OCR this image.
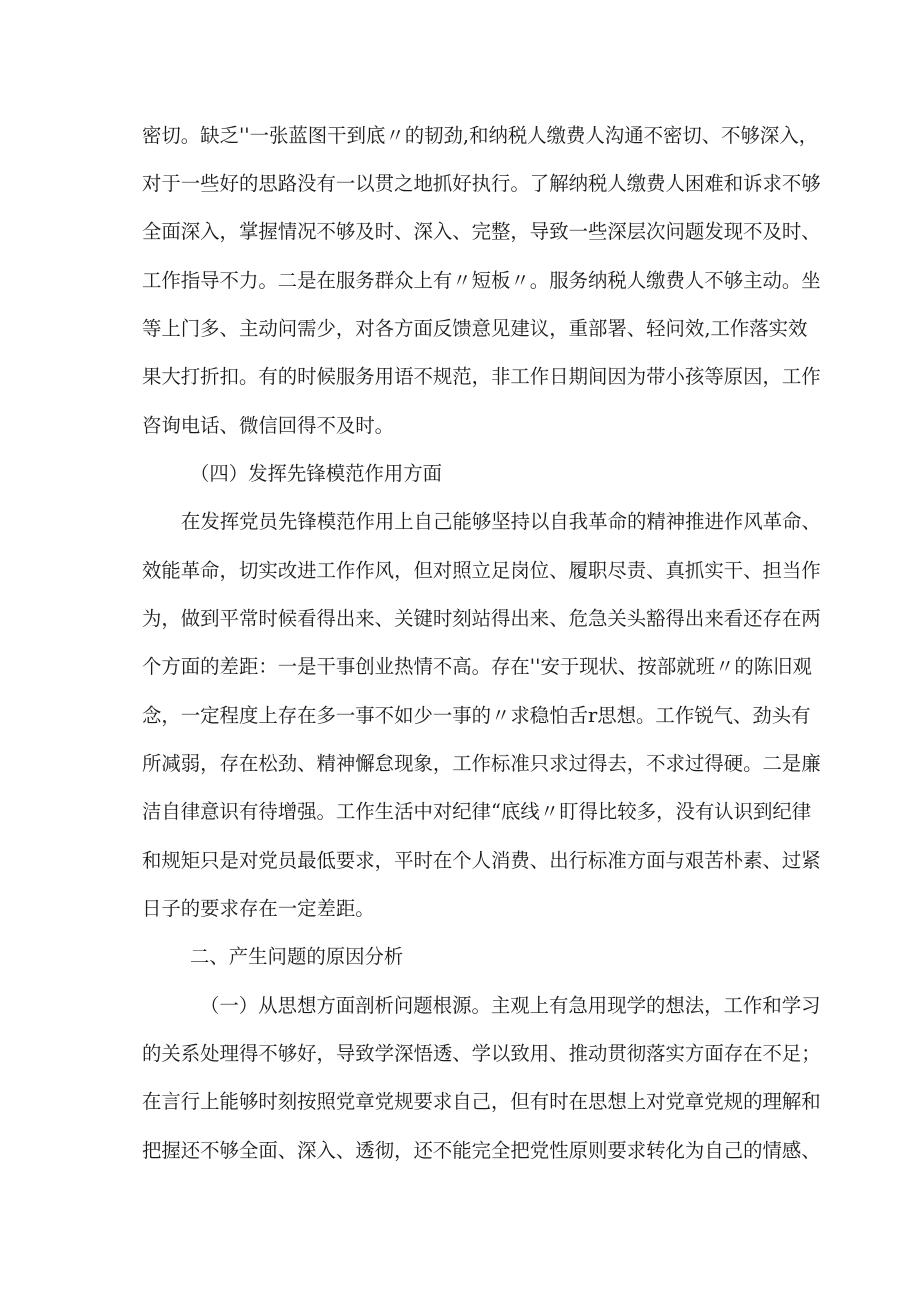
密切。缺乏''一张蓝图干到底〃的韧劲,和纳税人缴费人沟通不密切、不够深入，

对于一些好的思路没有一以贯之地抓好执行。了解纳税人缴费人困难和诉求不够

全面深入，掌握情况不够及时、深入、完整，导致一些深层次问题发现不及时、

工作指导不力。二是在服务群众上有〃短板〃。服务纳税人缴费人不够主动。坐

等上门多、主动问需少，对各方面反馈意见建议，重部署、轻问效,工作落实效

果大打折扣。有的时候服务用语不规范，非工作日期间因为带小孩等原因，工作

咨询电话、微信回得不及时。

（四）发挥先锋模范作用方面

在发挥党员先锋模范作用上自己能够坚持以自我革命的精神推进作风革命、

效能革命，切实改进工作作风，但对照立足岗位、履职尽责、真抓实干、担当作

为，做到平常时候看得出来、关键时刻站得出来、危急关头豁得出来看还存在两

个方面的差距：一是干事创业热情不高。存在''安于现状、按部就班〃的陈旧观

念，一定程度上存在多一事不如少一事的〃求稳怕舌r思想。工作锐气、劲头有

所减弱，存在松劲、精神懈怠现象，工作标准只求过得去，不求过得硬。二是廉

洁自律意识有待增强。工作生活中对纪律“底线〃盯得比较多，没有认识到纪律

和规矩只是对党员最低要求，平时在个人消费、出行标准方面与艰苦朴素、过紧

日子的要求存在一定差距。

二、产生问题的原因分析

（一）从思想方面剖析问题根源。主观上有急用现学的想法，工作和学习

的关系处理得不够好，导致学深悟透、学以致用、推动贯彻落实方面存在不足；

在言行上能够时刻按照党章党规要求自己，但有时在思想上对党章党规的理解和

把握还不够全面、深入、透彻，还不能完全把党性原则要求转化为自己的情感、
